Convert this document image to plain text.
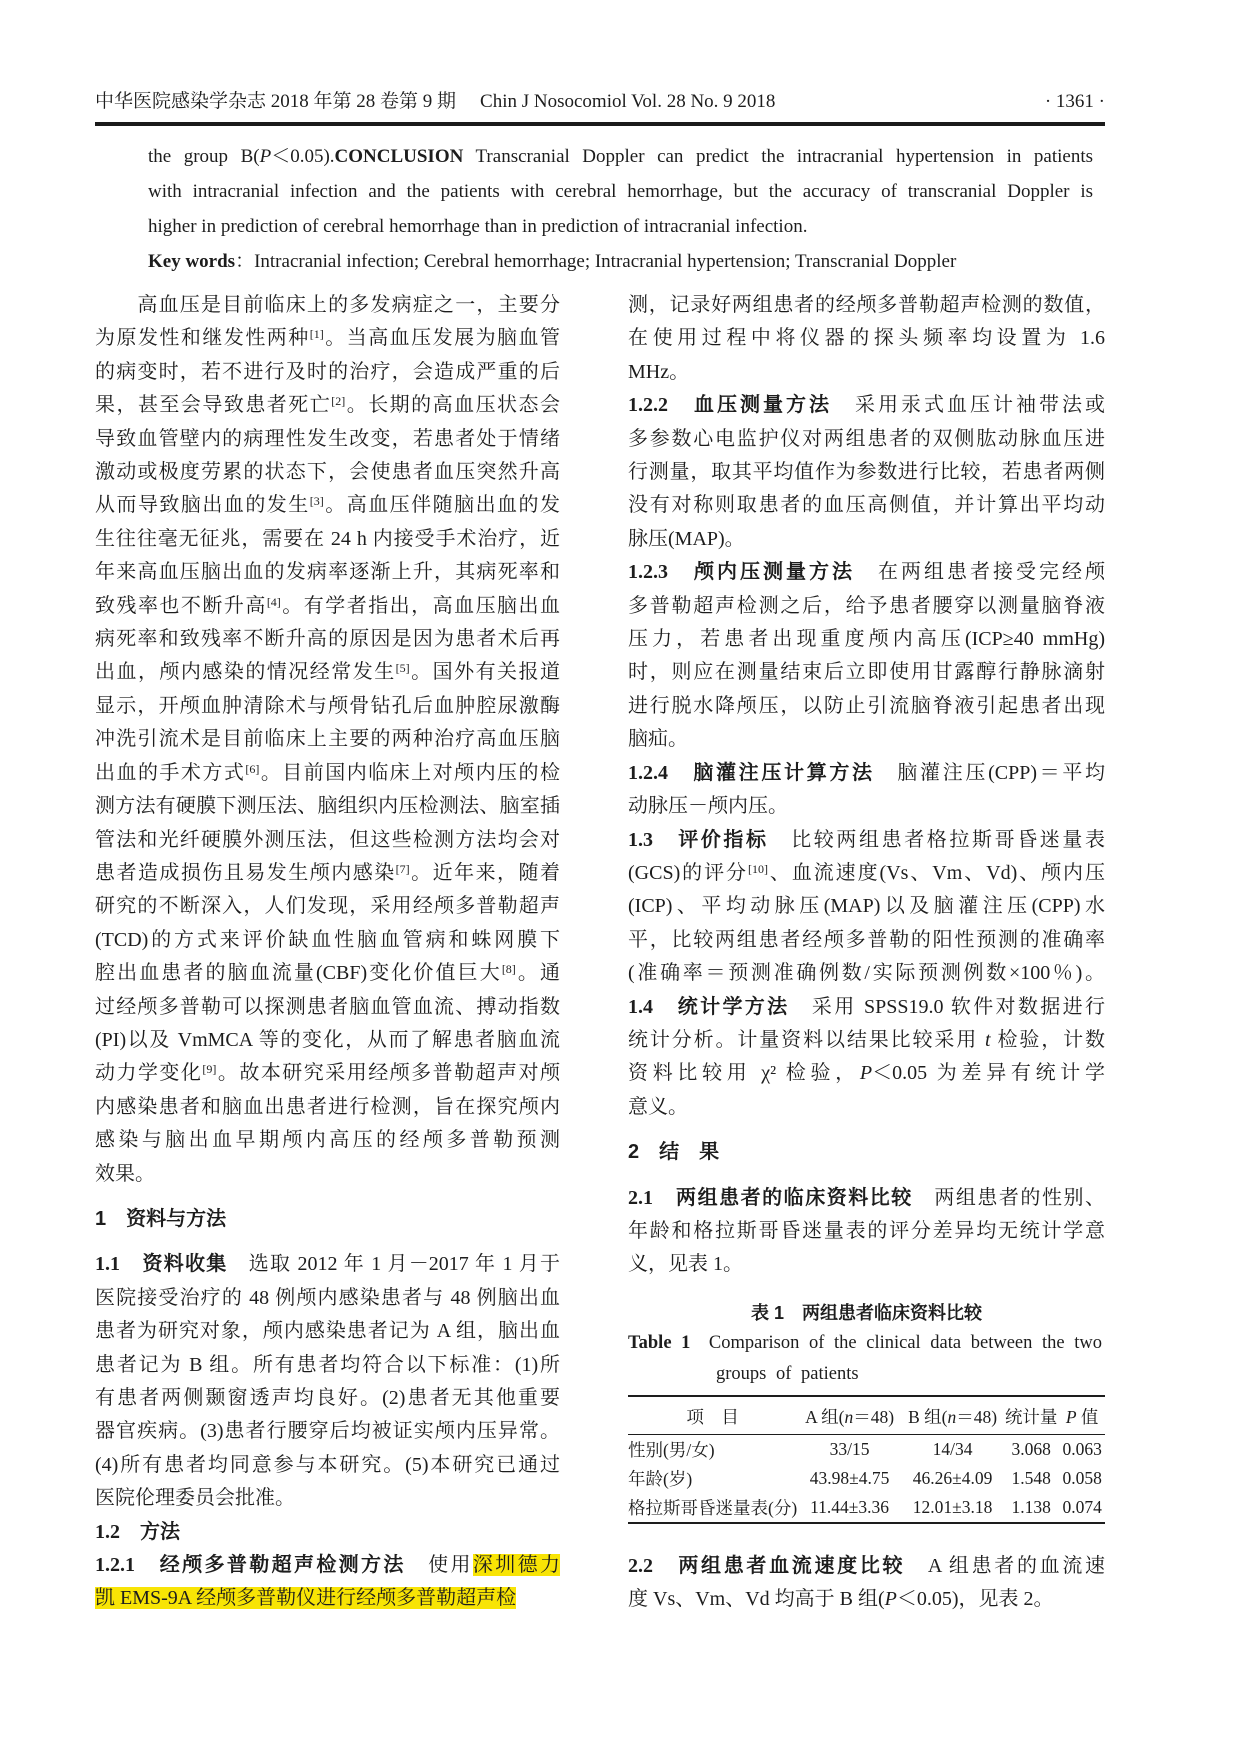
中华医院感染学杂志 2018 年第 28 卷第 9 期 Chin J Nosocomiol Vol. 28 No. 9 2018	· 1361 ·
the group B(P＜0.05).CONCLUSION Transcranial Doppler can predict the intracranial hypertension in patients
with intracranial infection and the patients with cerebral hemorrhage, but the accuracy of transcranial Doppler is
higher in prediction of cerebral hemorrhage than in prediction of intracranial infection.
Key words：Intracranial infection; Cerebral hemorrhage; Intracranial hypertension; Transcranial Doppler
　　高血压是目前临床上的多发病症之一，主要分
为原发性和继发性两种[1]。当高血压发展为脑血管
的病变时，若不进行及时的治疗，会造成严重的后
果，甚至会导致患者死亡[2]。长期的高血压状态会
导致血管壁内的病理性发生改变，若患者处于情绪
激动或极度劳累的状态下，会使患者血压突然升高
从而导致脑出血的发生[3]。高血压伴随脑出血的发
生往往毫无征兆，需要在 24 h 内接受手术治疗，近
年来高血压脑出血的发病率逐渐上升，其病死率和
致残率也不断升高[4]。有学者指出，高血压脑出血
病死率和致残率不断升高的原因是因为患者术后再
出血，颅内感染的情况经常发生[5]。国外有关报道
显示，开颅血肿清除术与颅骨钻孔后血肿腔尿激酶
冲洗引流术是目前临床上主要的两种治疗高血压脑
出血的手术方式[6]。目前国内临床上对颅内压的检
测方法有硬膜下测压法、脑组织内压检测法、脑室插
管法和光纤硬膜外测压法，但这些检测方法均会对
患者造成损伤且易发生颅内感染[7]。近年来，随着
研究的不断深入，人们发现，采用经颅多普勒超声
(TCD)的方式来评价缺血性脑血管病和蛛网膜下
腔出血患者的脑血流量(CBF)变化价值巨大[8]。通
过经颅多普勒可以探测患者脑血管血流、搏动指数
(PI)以及 VmMCA 等的变化，从而了解患者脑血流
动力学变化[9]。故本研究采用经颅多普勒超声对颅
内感染患者和脑血出患者进行检测，旨在探究颅内
感染与脑出血早期颅内高压的经颅多普勒预测
效果。
1　资料与方法
1.1　资料收集　选取 2012 年 1 月－2017 年 1 月于
医院接受治疗的 48 例颅内感染患者与 48 例脑出血
患者为研究对象，颅内感染患者记为 A 组，脑出血
患者记为 B 组。所有患者均符合以下标准：(1)所
有患者两侧颞窗透声均良好。(2)患者无其他重要
器官疾病。(3)患者行腰穿后均被证实颅内压异常。
(4)所有患者均同意参与本研究。(5)本研究已通过
医院伦理委员会批准。
1.2　方法
1.2.1　经颅多普勒超声检测方法　使用深圳德力
凯 EMS-9A 经颅多普勒仪进行经颅多普勒超声检
测，记录好两组患者的经颅多普勒超声检测的数值，
在使用过程中将仪器的探头频率均设置为 1.6
MHz。
1.2.2　血压测量方法　采用汞式血压计袖带法或
多参数心电监护仪对两组患者的双侧肱动脉血压进
行测量，取其平均值作为参数进行比较，若患者两侧
没有对称则取患者的血压高侧值，并计算出平均动
脉压(MAP)。
1.2.3　颅内压测量方法　在两组患者接受完经颅
多普勒超声检测之后，给予患者腰穿以测量脑脊液
压力，若患者出现重度颅内高压(ICP≥40 mmHg)
时，则应在测量结束后立即使用甘露醇行静脉滴射
进行脱水降颅压，以防止引流脑脊液引起患者出现
脑疝。
1.2.4　脑灌注压计算方法　脑灌注压(CPP)＝平均
动脉压－颅内压。
1.3　评价指标　比较两组患者格拉斯哥昏迷量表
(GCS)的评分[10]、血流速度(Vs、Vm、Vd)、颅内压
(ICP)、平均动脉压(MAP)以及脑灌注压(CPP)水
平，比较两组患者经颅多普勒的阳性预测的准确率
(准确率＝预测准确例数/实际预测例数×100％)。
1.4　统计学方法　采用 SPSS19.0 软件对数据进行
统计分析。计量资料以结果比较采用 t 检验，计数
资料比较用 χ² 检验，P＜0.05 为差异有统计学
意义。
2　结　果
2.1　两组患者的临床资料比较　两组患者的性别、
年龄和格拉斯哥昏迷量表的评分差异均无统计学意
义，见表 1。
表 1　两组患者临床资料比较
Table 1　Comparison of the clinical data between the two
groups of patients
项　目	A 组(n＝48)	B 组(n＝48)	统计量	P 值
性别(男/女)	33/15	14/34	3.068	0.063
年龄(岁)	43.98±4.75	46.26±4.09	1.548	0.058
格拉斯哥昏迷量表(分)	11.44±3.36	12.01±3.18	1.138	0.074
2.2　两组患者血流速度比较　A 组患者的血流速
度 Vs、Vm、Vd 均高于 B 组(P＜0.05)，见表 2。
